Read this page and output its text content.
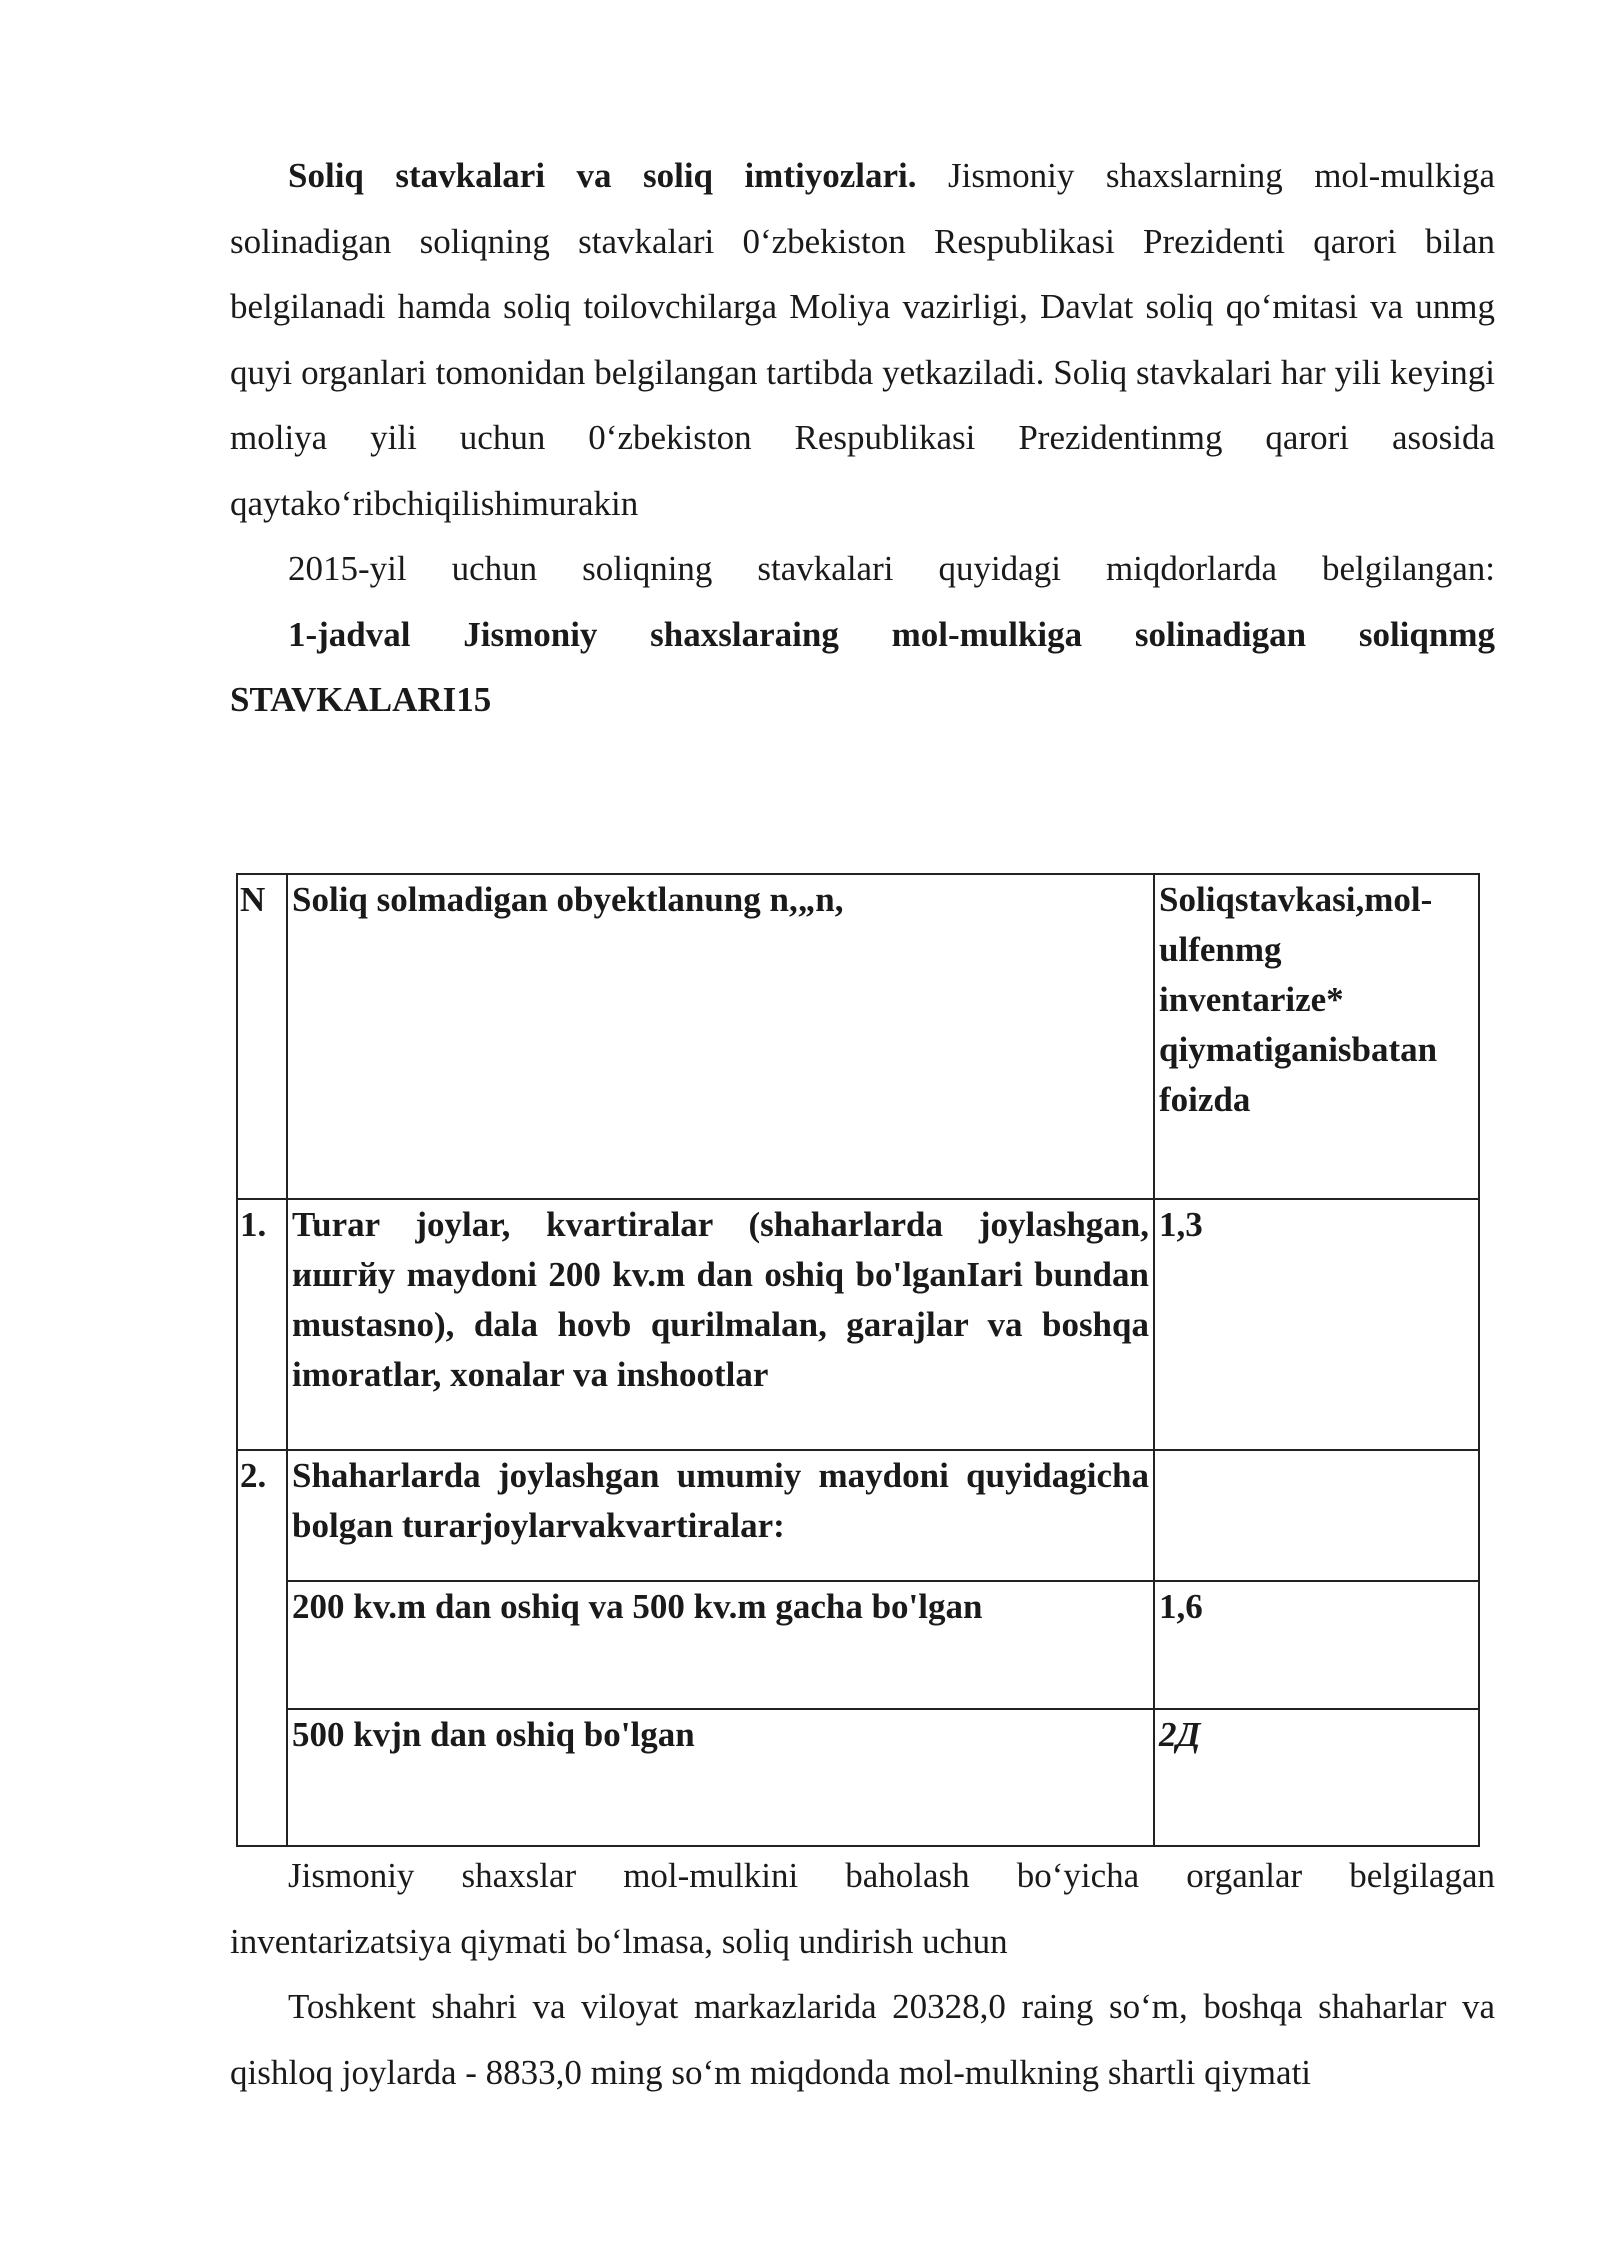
Soliq stavkalari va soliq imtiyozlari. Jismoniy shaxslarning mol-mulkiga solinadigan soliqning stavkalari 0‘zbekiston Respublikasi Prezidenti qarori bilan belgilanadi hamda soliq toilovchilarga Moliya vazirligi, Davlat soliq qo‘mitasi va unmg quyi organlari tomonidan belgilangan tartibda yetkaziladi. Soliq stavkalari har yili keyingi moliya yili uchun 0‘zbekiston Respublikasi Prezidentinmg qarori asosida qaytako‘ribchiqilishimurakin

2015-yil uchun soliqning stavkalari quyidagi miqdorlarda belgilangan:

1-jadval Jismoniy shaxslaraing mol-mulkiga solinadigan soliqnmg STAVKALARI15

N	Soliq solmadigan obyektlanung n,„n,	Soliqstavkasi,mol-ulfenmg inventarize* qiymatiganisbatan foizda
1.	Turar joylar, kvartiralar (shaharlarda joylashgan, ишгйу maydoni 200 kv.m dan oshiq bo'lganIari bundan mustasno), dala hovb qurilmalan, garajlar va boshqa imoratlar, xonalar va inshootlar	1,3
2.	Shaharlarda joylashgan umumiy maydoni quyidagicha bolgan turarjoylarvakvartiralar:	
	200 kv.m dan oshiq va 500 kv.m gacha bo'lgan	1,6
	500 kvjn dan oshiq bo'lgan	2Д

Jismoniy shaxslar mol-mulkini baholash bo‘yicha organlar belgilagan inventarizatsiya qiymati bo‘lmasa, soliq undirish uchun

Toshkent shahri va viloyat markazlarida 20328,0 raing so‘m, boshqa shaharlar va qishloq joylarda - 8833,0 ming so‘m miqdonda mol-mulkning shartli qiymati
